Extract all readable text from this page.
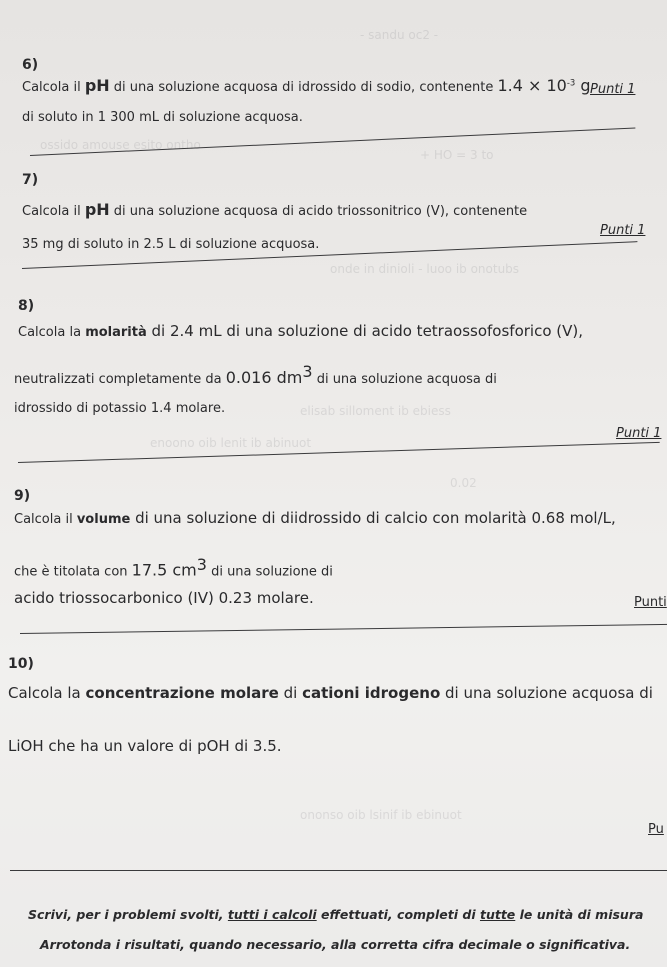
- sandu oc2 -
ossido amouse esito ontho
+ HO = 3 to
onde in dinioli - luoo ib onotubs
elisab silloment ib ebiess
enoono oib lenit ib abinuot
0.02
ononso oib lsinif ib ebinuot
6)
Calcola il pH di una soluzione acquosa di idrossido di sodio, contenente $1.4 \times 10^{-3}$ g
di soluto in 1 300 mL di soluzione acquosa.
Punti 1
7)
Calcola il pH di una soluzione acquosa di acido triossonitrico (V), contenente
35 mg di soluto in 2.5 L di soluzione acquosa.
Punti 1
8)
Calcola la molarità di 2.4 mL di una soluzione di acido tetraossofosforico (V),
neutralizzati completamente da 0.016 $dm^3$ di una soluzione acquosa di
idrossido di potassio 1.4 molare.
Punti 1
9)
Calcola il volume di una soluzione di diidrossido di calcio con molarità 0.68 mol/L,
che è titolata con 17.5 $cm^3$ di una soluzione di
acido triossocarbonico (IV) 0.23 molare.	Punti
10)
Calcola la concentrazione molare di cationi idrogeno di una soluzione acquosa di
LiOH che ha un valore di pOH di 3.5.
Pu
Scrivi, per i problemi svolti, tutti i calcoli effettuati, completi di tutte le unità di misura
Arrotonda i risultati, quando necessario, alla corretta cifra decimale o significativa.
